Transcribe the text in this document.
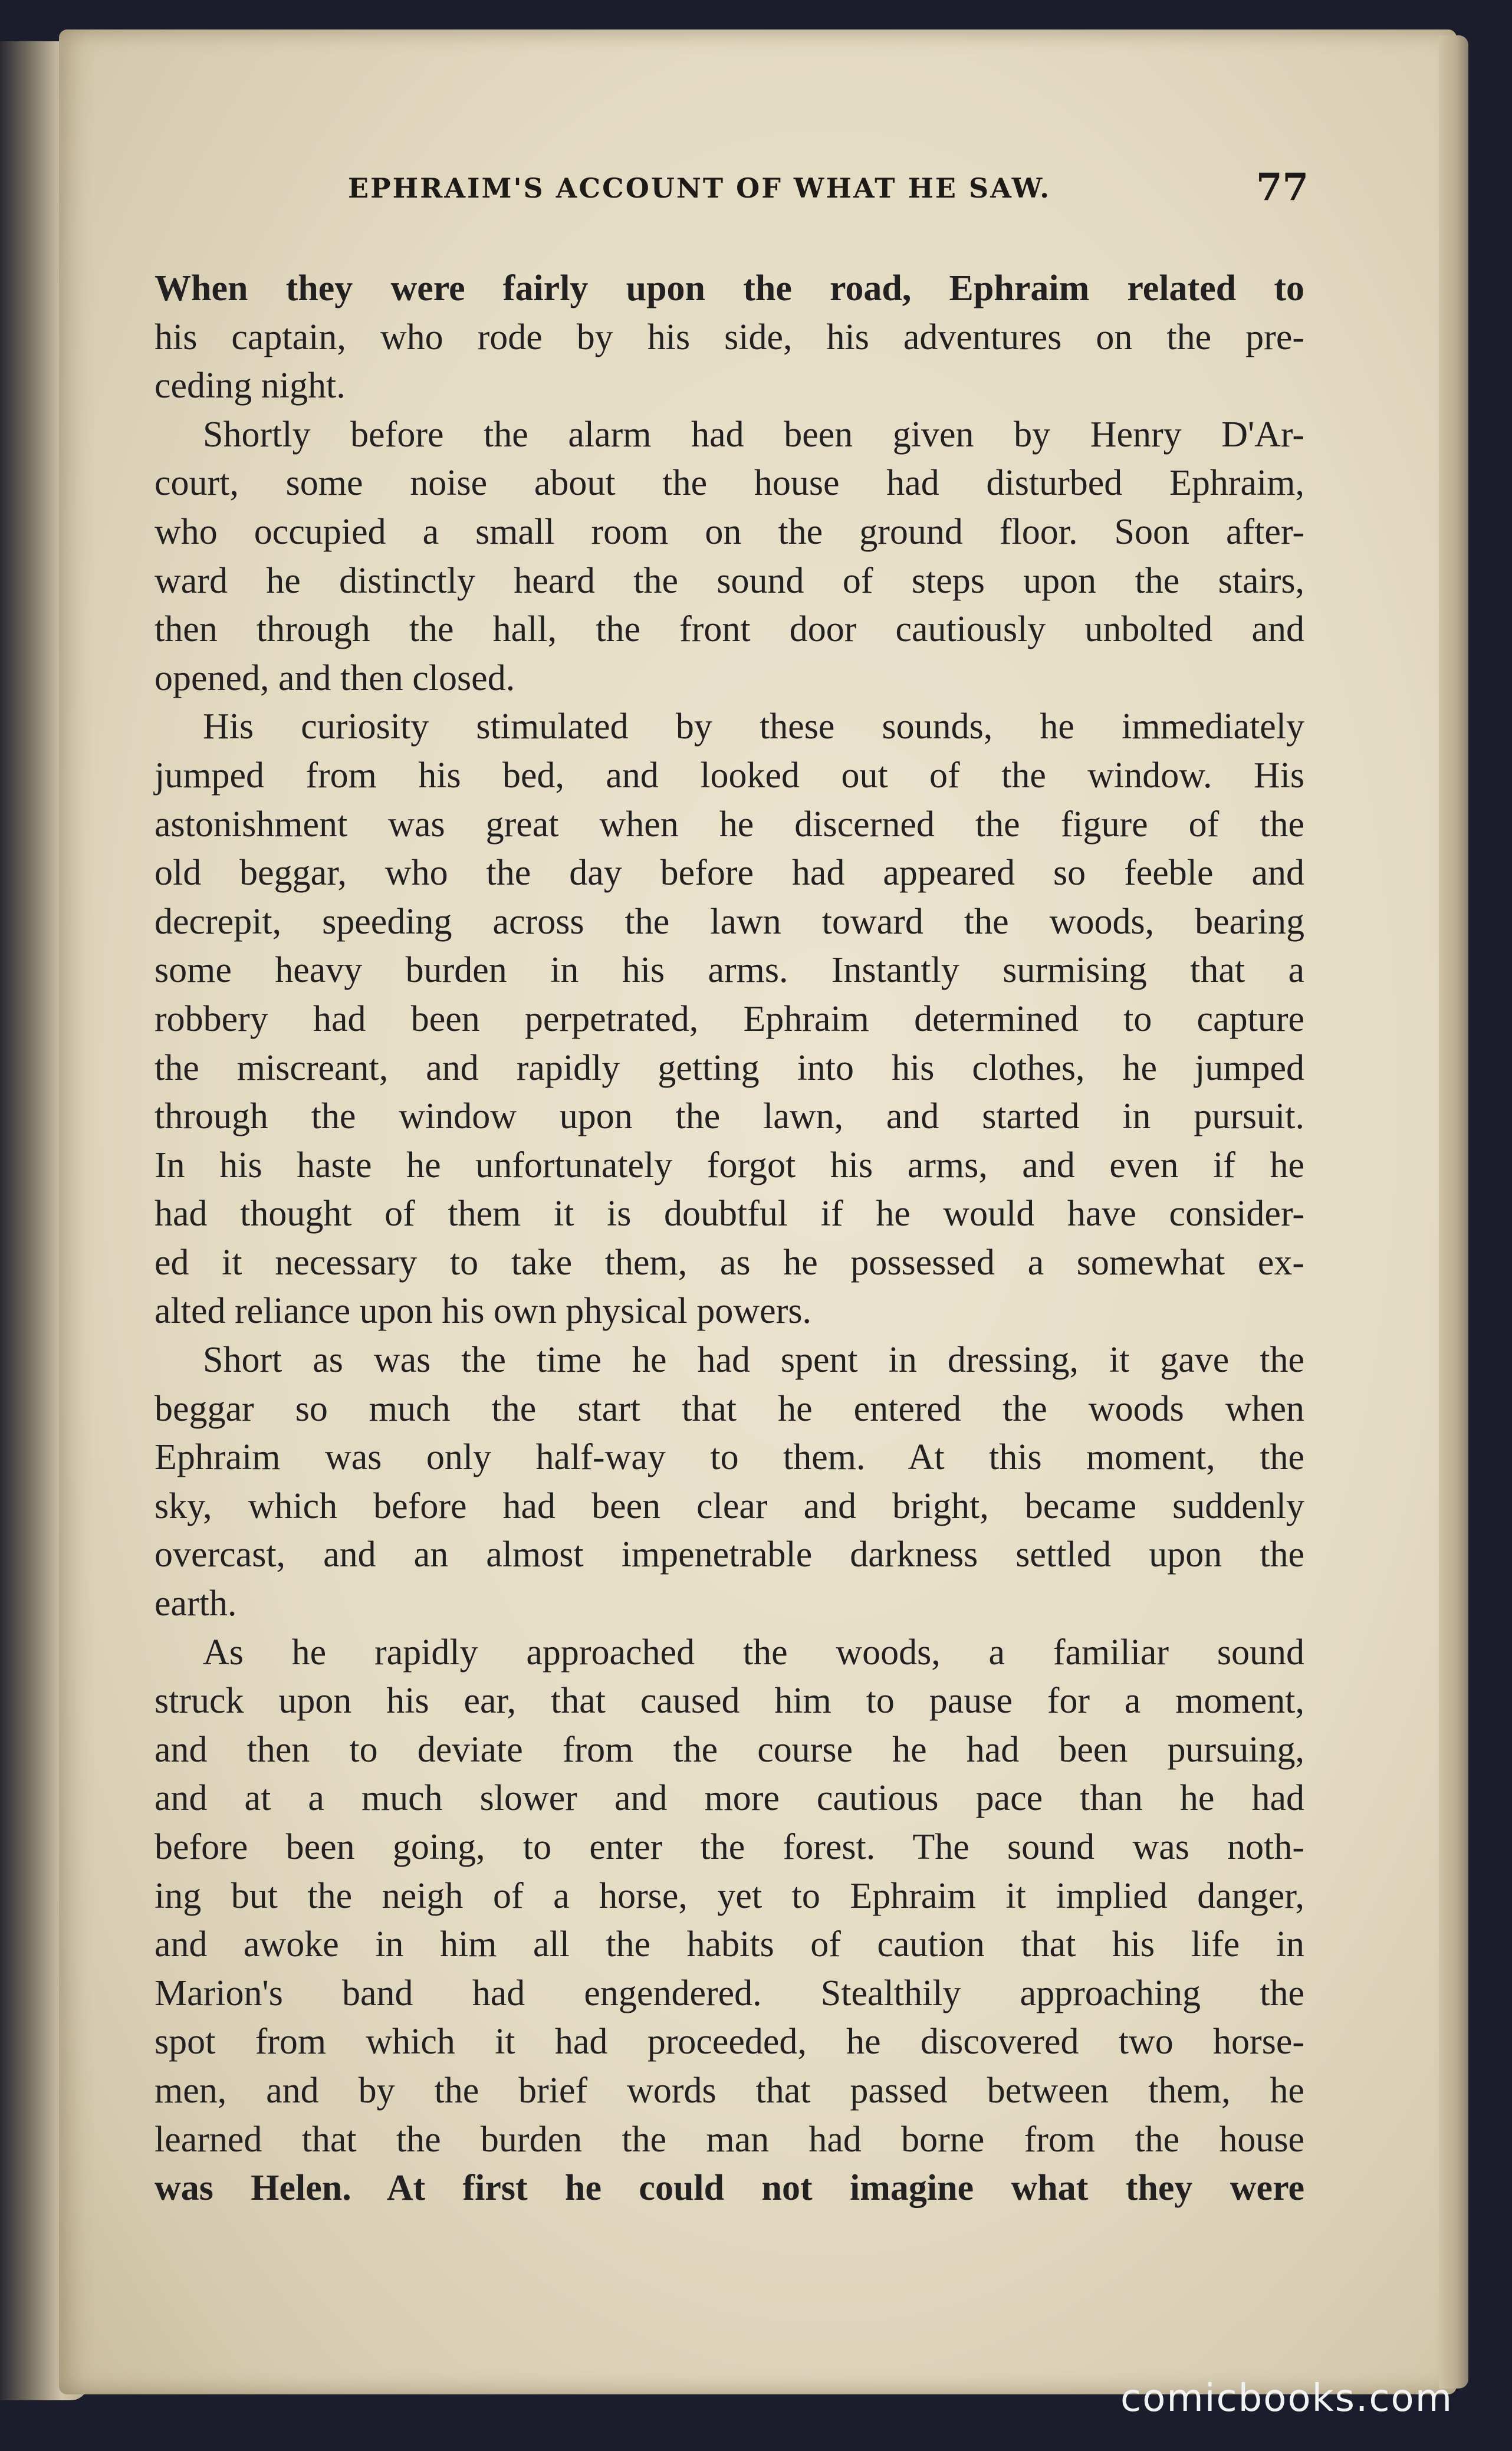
EPHRAIM'S ACCOUNT OF WHAT HE SAW.	77
When they were fairly upon the road, Ephraim related to
his captain, who rode by his side, his adventures on the pre-
ceding night.
Shortly before the alarm had been given by Henry D'Ar-
court, some noise about the house had disturbed Ephraim,
who occupied a small room on the ground floor. Soon after-
ward he distinctly heard the sound of steps upon the stairs,
then through the hall, the front door cautiously unbolted and
opened, and then closed.
His curiosity stimulated by these sounds, he immediately
jumped from his bed, and looked out of the window. His
astonishment was great when he discerned the figure of the
old beggar, who the day before had appeared so feeble and
decrepit, speeding across the lawn toward the woods, bearing
some heavy burden in his arms. Instantly surmising that a
robbery had been perpetrated, Ephraim determined to capture
the miscreant, and rapidly getting into his clothes, he jumped
through the window upon the lawn, and started in pursuit.
In his haste he unfortunately forgot his arms, and even if he
had thought of them it is doubtful if he would have consider-
ed it necessary to take them, as he possessed a somewhat ex-
alted reliance upon his own physical powers.
Short as was the time he had spent in dressing, it gave the
beggar so much the start that he entered the woods when
Ephraim was only half-way to them. At this moment, the
sky, which before had been clear and bright, became suddenly
overcast, and an almost impenetrable darkness settled upon the
earth.
As he rapidly approached the woods, a familiar sound
struck upon his ear, that caused him to pause for a moment,
and then to deviate from the course he had been pursuing,
and at a much slower and more cautious pace than he had
before been going, to enter the forest. The sound was noth-
ing but the neigh of a horse, yet to Ephraim it implied danger,
and awoke in him all the habits of caution that his life in
Marion's band had engendered. Stealthily approaching the
spot from which it had proceeded, he discovered two horse-
men, and by the brief words that passed between them, he
learned that the burden the man had borne from the house
was Helen. At first he could not imagine what they were
comicbooks.com
